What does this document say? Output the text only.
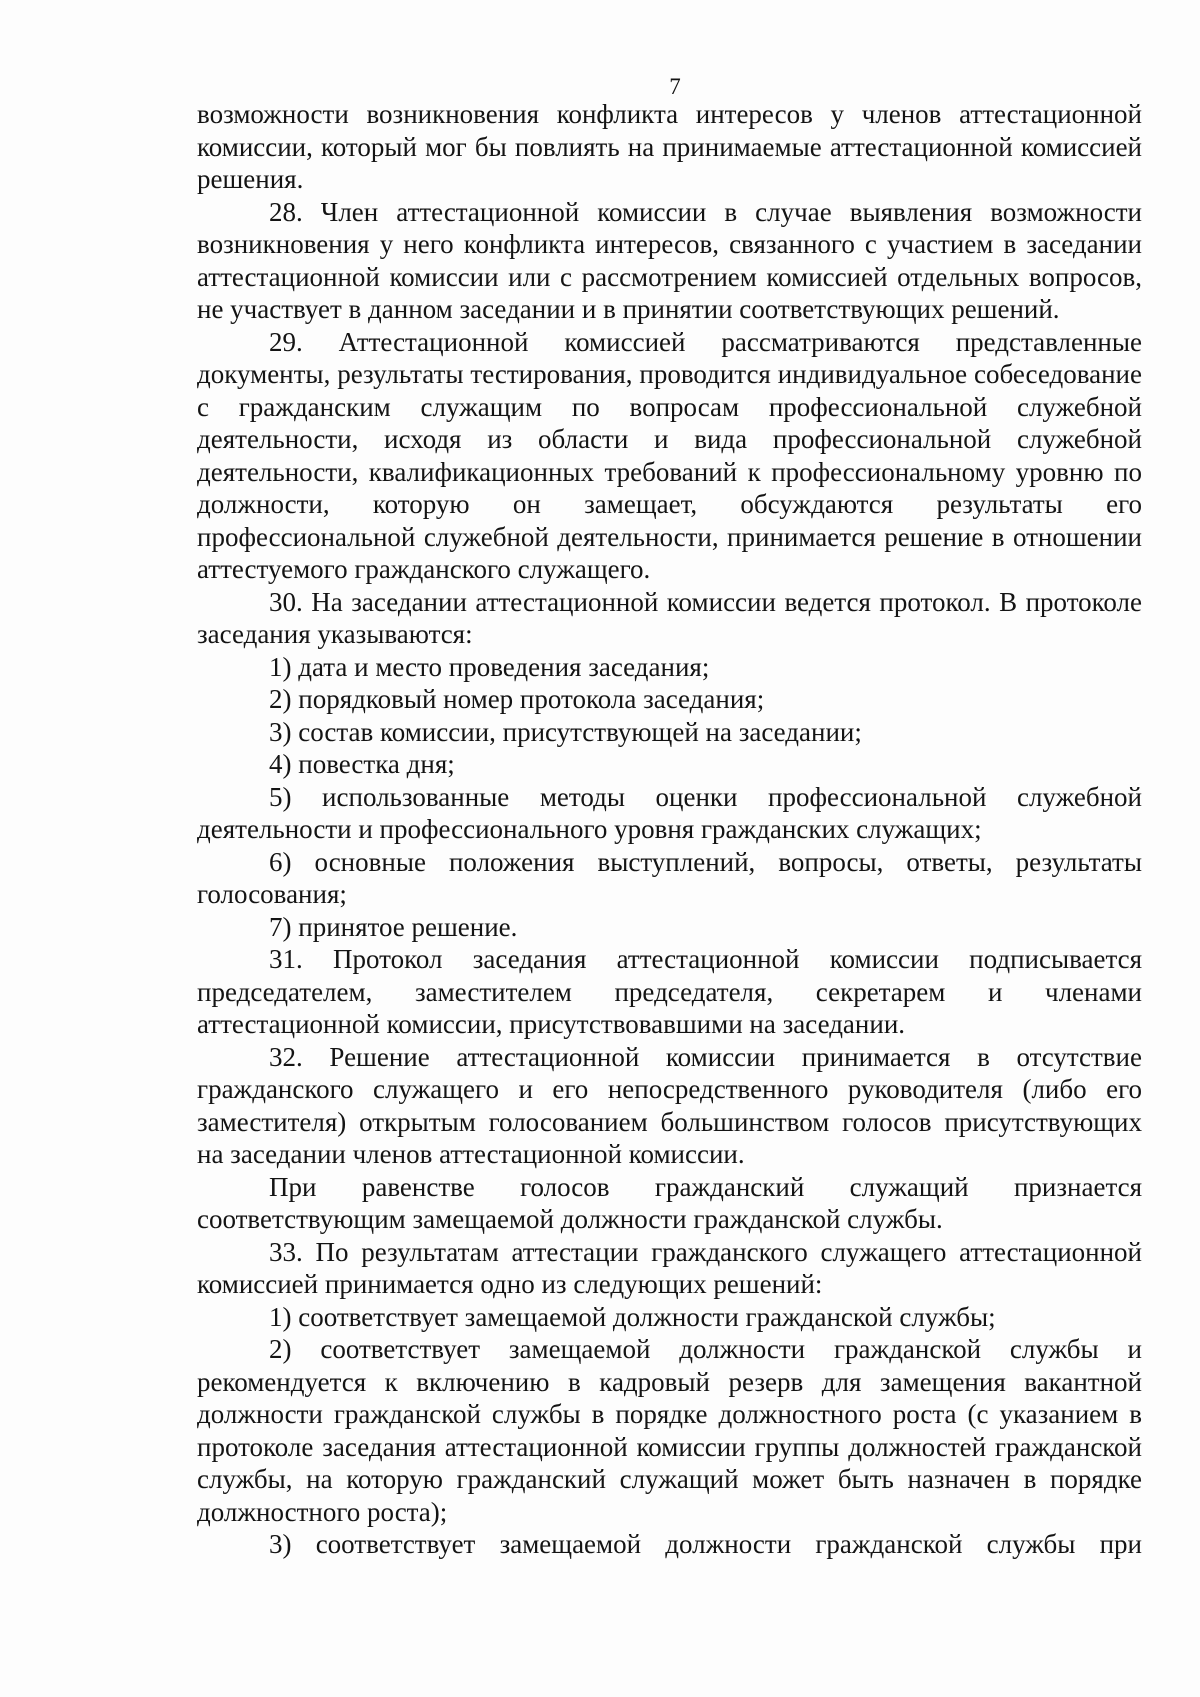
7

возможности возникновения конфликта интересов у членов аттестационной комиссии, который мог бы повлиять на принимаемые аттестационной комиссией решения.

28. Член аттестационной комиссии в случае выявления возможности возникновения у него конфликта интересов, связанного с участием в заседании аттестационной комиссии или с рассмотрением комиссией отдельных вопросов, не участвует в данном заседании и в принятии соответствующих решений.

29. Аттестационной комиссией рассматриваются представленные документы, результаты тестирования, проводится индивидуальное собеседование с гражданским служащим по вопросам профессиональной служебной деятельности, исходя из области и вида профессиональной служебной деятельности, квалификационных требований к профессиональному уровню по должности, которую он замещает, обсуждаются результаты его профессиональной служебной деятельности, принимается решение в отношении аттестуемого гражданского служащего.

30. На заседании аттестационной комиссии ведется протокол. В протоколе заседания указываются:

1) дата и место проведения заседания;

2) порядковый номер протокола заседания;

3) состав комиссии, присутствующей на заседании;

4) повестка дня;

5) использованные методы оценки профессиональной служебной деятельности и профессионального уровня гражданских служащих;

6) основные положения выступлений, вопросы, ответы, результаты голосования;

7) принятое решение.

31. Протокол заседания аттестационной комиссии подписывается председателем, заместителем председателя, секретарем и членами аттестационной комиссии, присутствовавшими на заседании.

32. Решение аттестационной комиссии принимается в отсутствие гражданского служащего и его непосредственного руководителя (либо его заместителя) открытым голосованием большинством голосов присутствующих на заседании членов аттестационной комиссии.

При равенстве голосов гражданский служащий признается соответствующим замещаемой должности гражданской службы.

33. По результатам аттестации гражданского служащего аттестационной комиссией принимается одно из следующих решений:

1) соответствует замещаемой должности гражданской службы;

2) соответствует замещаемой должности гражданской службы и рекомендуется к включению в кадровый резерв для замещения вакантной должности гражданской службы в порядке должностного роста (с указанием в протоколе заседания аттестационной комиссии группы должностей гражданской службы, на которую гражданский служащий может быть назначен в порядке должностного роста);

3) соответствует замещаемой должности гражданской службы при
